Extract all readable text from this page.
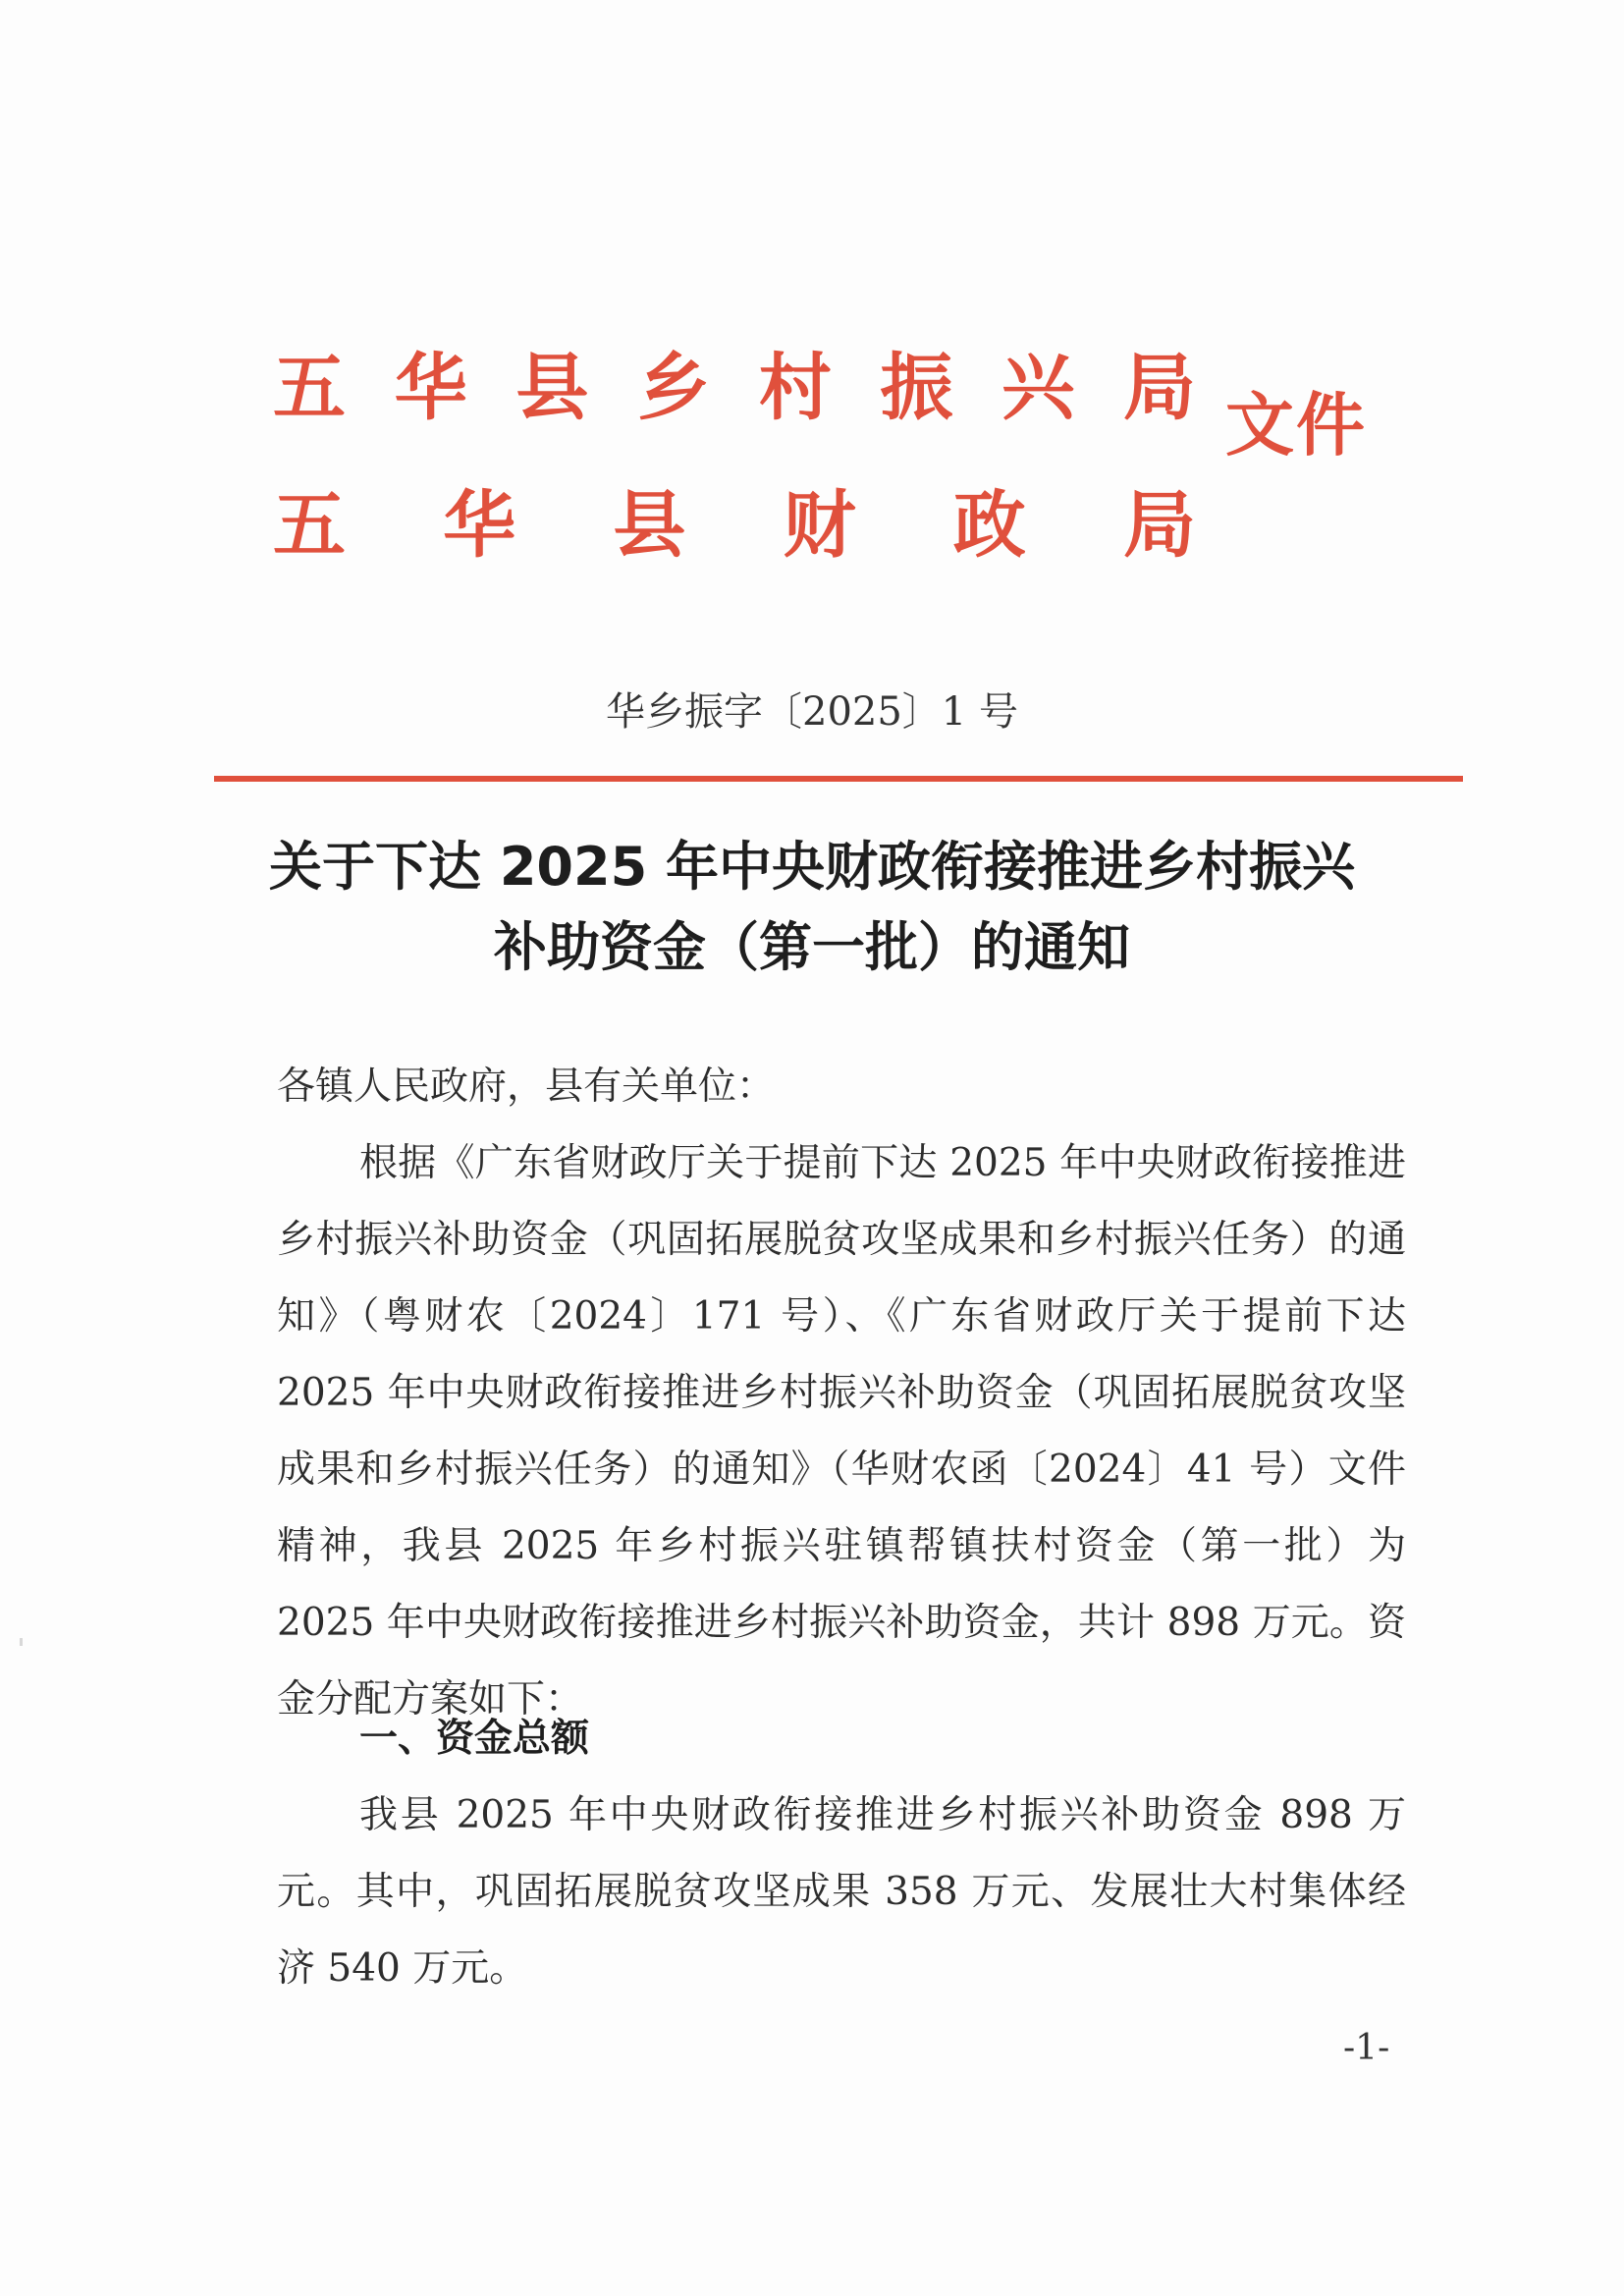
五 华 县 乡 村 振 兴 局
五 华 县 财 政 局
文件
华乡振字〔2025〕1 号
关于下达 2025 年中央财政衔接推进乡村振兴
补助资金（第一批）的通知
各镇人民政府，县有关单位：
根据《广东省财政厅关于提前下达 2025 年中央财政衔接推进乡村振兴补助资金（巩固拓展脱贫攻坚成果和乡村振兴任务）的通知》（粤财农〔2024〕171 号）、《广东省财政厅关于提前下达 2025 年中央财政衔接推进乡村振兴补助资金（巩固拓展脱贫攻坚成果和乡村振兴任务）的通知》（华财农函〔2024〕41 号）文件精神，我县 2025 年乡村振兴驻镇帮镇扶村资金（第一批）为 2025 年中央财政衔接推进乡村振兴补助资金，共计 898 万元。资金分配方案如下：
一、资金总额
我县 2025 年中央财政衔接推进乡村振兴补助资金 898 万元。其中，巩固拓展脱贫攻坚成果 358 万元、发展壮大村集体经济 540 万元。
-1-
